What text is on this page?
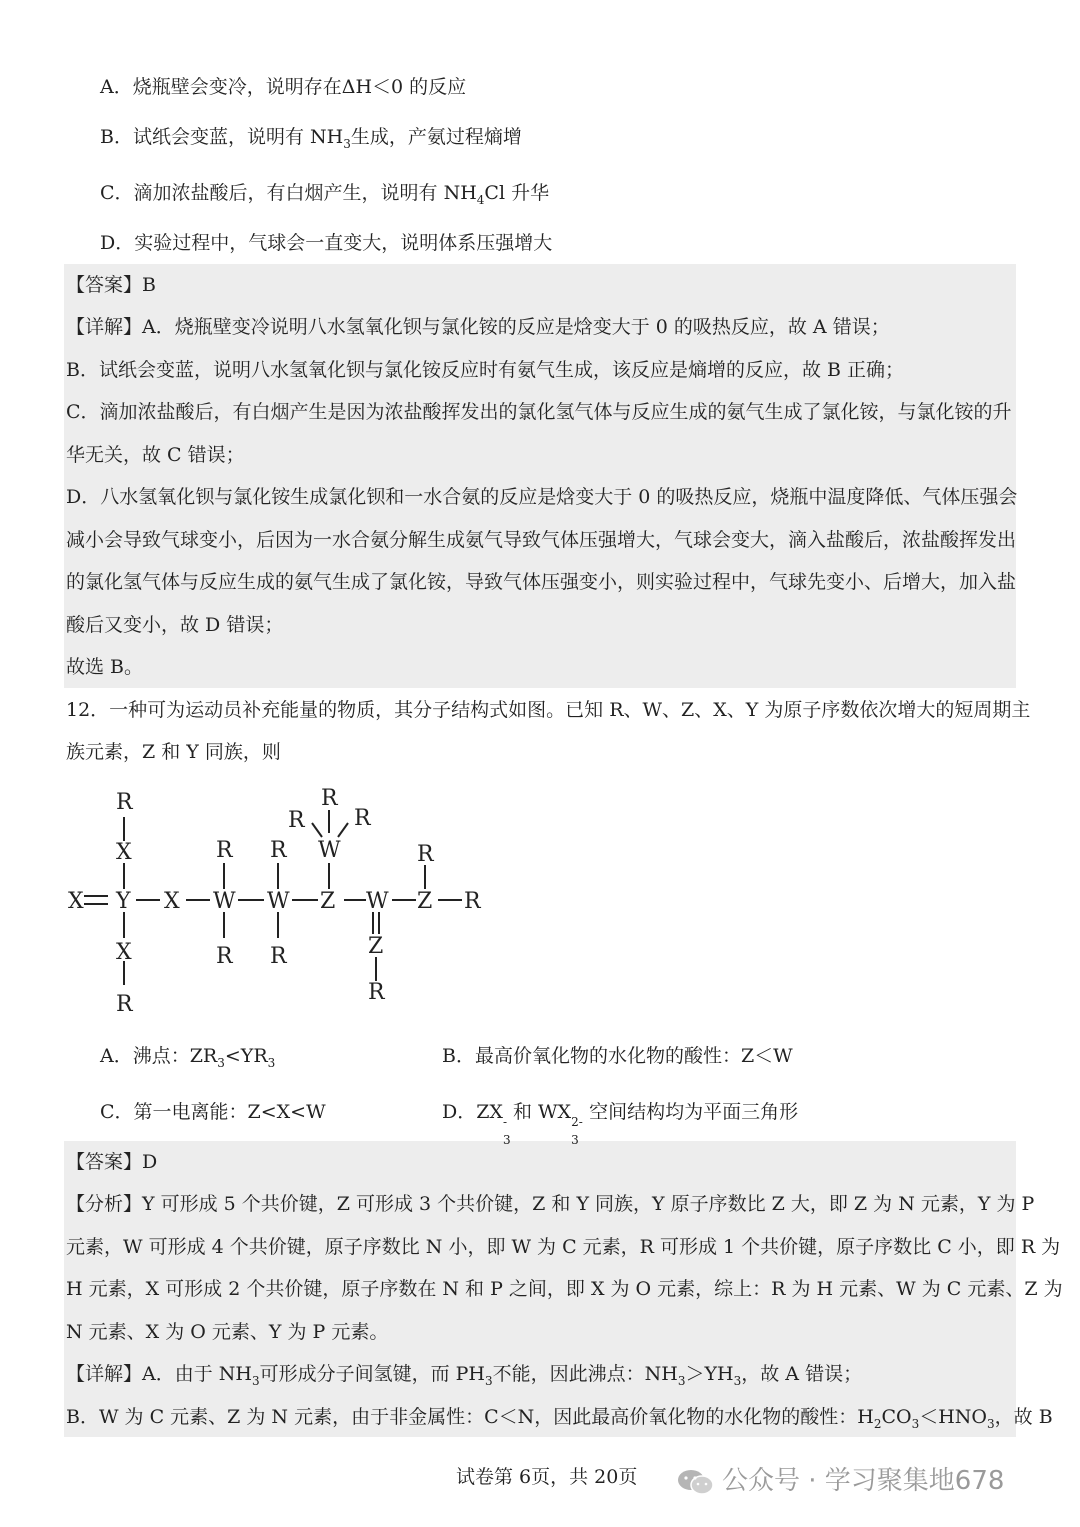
A．烧瓶壁会变冷，说明存在ΔH＜0 的反应
B．试纸会变蓝，说明有 $NH_3$生成，产氨过程熵增
C．滴加浓盐酸后，有白烟产生，说明有 $NH_4Cl$ 升华
D．实验过程中，气球会一直变大，说明体系压强增大
【答案】B
【详解】A．烧瓶壁变冷说明八水氢氧化钡与氯化铵的反应是焓变大于 0 的吸热反应，故 A 错误；
B．试纸会变蓝，说明八水氢氧化钡与氯化铵反应时有氨气生成，该反应是熵增的反应，故 B 正确；
C．滴加浓盐酸后，有白烟产生是因为浓盐酸挥发出的氯化氢气体与反应生成的氨气生成了氯化铵，与氯化铵的升
华无关，故 C 错误；
D．八水氢氧化钡与氯化铵生成氯化钡和一水合氨的反应是焓变大于 0 的吸热反应，烧瓶中温度降低、气体压强会
减小会导致气球变小，后因为一水合氨分解生成氨气导致气体压强增大，气球会变大，滴入盐酸后，浓盐酸挥发出
的氯化氢气体与反应生成的氨气生成了氯化铵，导致气体压强变小，则实验过程中，气球先变小、后增大，加入盐
酸后又变小，故 D 错误；
故选 B。
12．一种可为运动员补充能量的物质，其分子结构式如图。已知 R、W、Z、X、Y 为原子序数依次增大的短周期主
族元素，Z 和 Y 同族，则
R
X
X Y X W W Z W Z R
X
R
R
R
R
R
W
R
R R
Z
R
R
A．沸点：$ZR_3<YR_3$	B．最高价氧化物的水化物的酸性：Z＜W
C．第一电离能：Z<X<W	D．ZX -
3
和 WX 2-
3
空间结构均为平面三角形
【答案】D
【分析】Y 可形成 5 个共价键，Z 可形成 3 个共价键，Z 和 Y 同族，Y 原子序数比 Z 大，即 Z 为 N 元素，Y 为 P
元素，W 可形成 4 个共价键，原子序数比 N 小，即 W 为 C 元素，R 可形成 1 个共价键，原子序数比 C 小，即 R 为
H 元素，X 可形成 2 个共价键，原子序数在 N 和 P 之间，即 X 为 O 元素，综上：R 为 H 元素、W 为 C 元素、Z 为
N 元素、X 为 O 元素、Y 为 P 元素。
【详解】A．由于 $NH_3$可形成分子间氢键，而 $PH_3$不能，因此沸点：$NH_3>YH_3$，故 A 错误；
B．W 为 C 元素、Z 为 N 元素，由于非金属性：C＜N，因此最高价氧化物的水化物的酸性：$H_2CO_3<HNO_3$，故 B
试卷第 6页，共 20页	公众号 · 学习聚集地678
